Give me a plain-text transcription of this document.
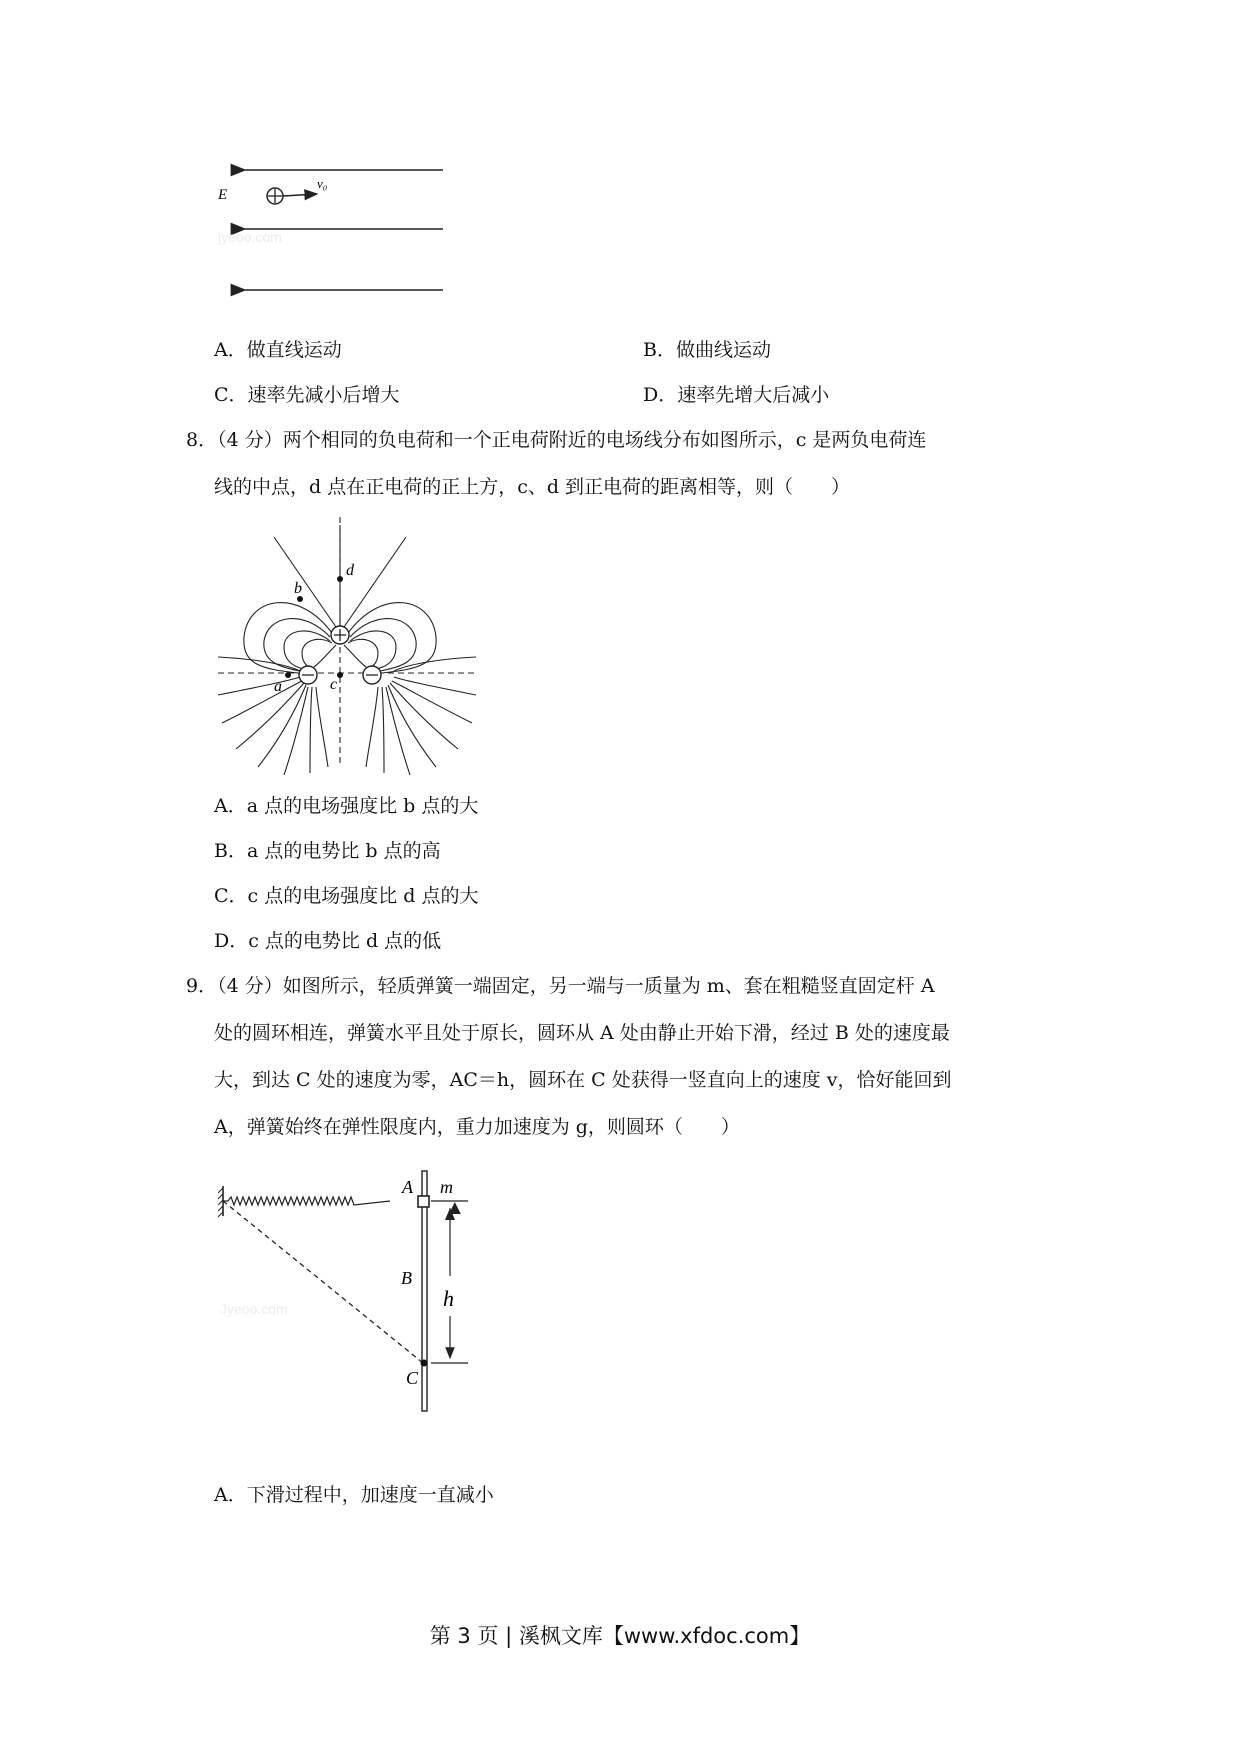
E
v₀
jyeoo.com
A．做直线运动	B．做曲线运动
C．速率先减小后增大	D．速率先增大后减小
8．（4 分）两个相同的负电荷和一个正电荷附近的电场线分布如图所示，c 是两负电荷连
线的中点，d 点在正电荷的正上方，c、d 到正电荷的距离相等，则（　　）
d
b
a	c
A．a 点的电场强度比 b 点的大
B．a 点的电势比 b 点的高
C．c 点的电场强度比 d 点的大
D．c 点的电势比 d 点的低
9．（4 分）如图所示，轻质弹簧一端固定，另一端与一质量为 m、套在粗糙竖直固定杆 A
处的圆环相连，弹簧水平且处于原长，圆环从 A 处由静止开始下滑，经过 B 处的速度最
大，到达 C 处的速度为零，AC＝h，圆环在 C 处获得一竖直向上的速度 v，恰好能回到
A，弹簧始终在弹性限度内，重力加速度为 g，则圆环（　　）
A m
B
h
C
Jyeoo.com
A．下滑过程中，加速度一直减小
第 3 页 | 溪枫文库【www.xfdoc.com】
